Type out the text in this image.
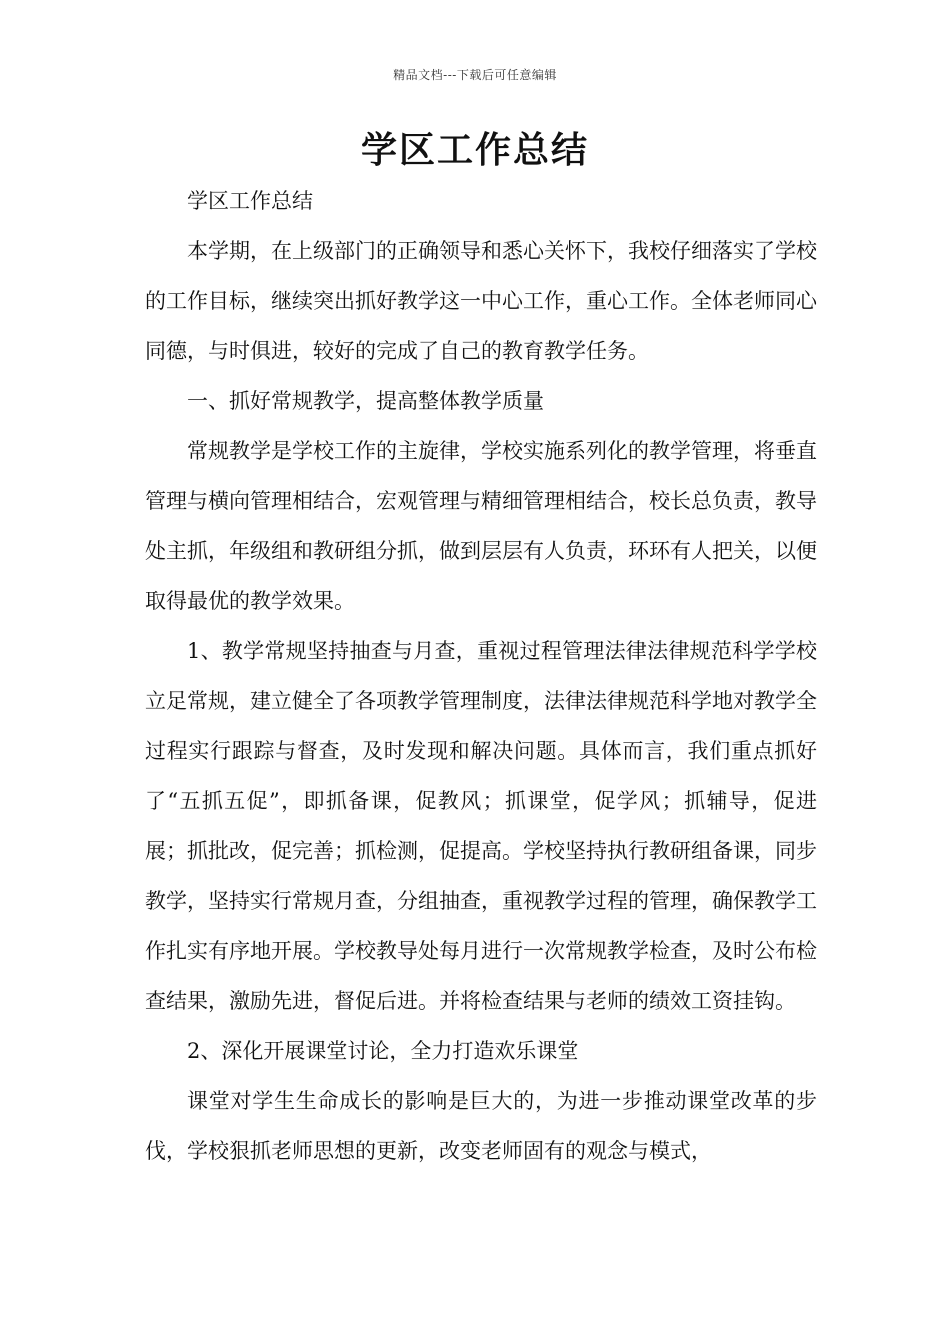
精品文档---下载后可任意编辑
学区工作总结

学区工作总结

本学期，在上级部门的正确领导和悉心关怀下，我校仔细落实了学校的工作目标，继续突出抓好教学这一中心工作，重心工作。全体老师同心同德，与时俱进，较好的完成了自己的教育教学任务。

一、抓好常规教学，提高整体教学质量

常规教学是学校工作的主旋律，学校实施系列化的教学管理，将垂直管理与横向管理相结合，宏观管理与精细管理相结合，校长总负责，教导处主抓，年级组和教研组分抓，做到层层有人负责，环环有人把关，以便取得最优的教学效果。

1、教学常规坚持抽查与月查，重视过程管理法律法律规范科学学校立足常规，建立健全了各项教学管理制度，法律法律规范科学地对教学全过程实行跟踪与督查，及时发现和解决问题。具体而言，我们重点抓好了“五抓五促”，即抓备课，促教风；抓课堂，促学风；抓辅导，促进展；抓批改，促完善；抓检测，促提高。学校坚持执行教研组备课，同步教学，坚持实行常规月查，分组抽查，重视教学过程的管理，确保教学工作扎实有序地开展。学校教导处每月进行一次常规教学检查，及时公布检查结果，激励先进，督促后进。并将检查结果与老师的绩效工资挂钩。

2、深化开展课堂讨论，全力打造欢乐课堂

课堂对学生生命成长的影响是巨大的，为进一步推动课堂改革的步伐，学校狠抓老师思想的更新，改变老师固有的观念与模式，
